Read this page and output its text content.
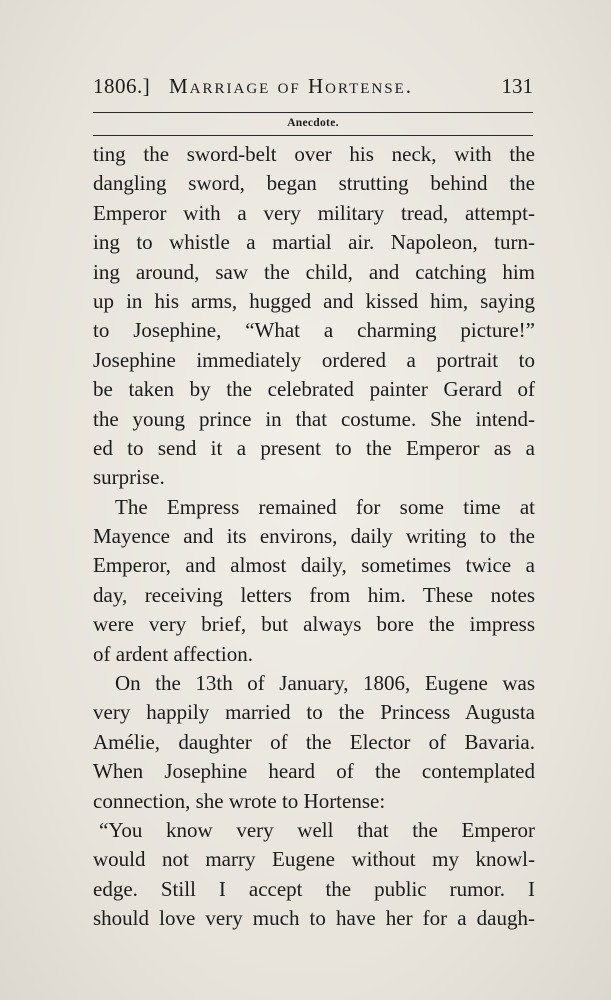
1806.] Marriage of Hortense.	131
Anecdote.
ting the sword-belt over his neck, with the
dangling sword, began strutting behind the
Emperor with a very military tread, attempt-
ing to whistle a martial air. Napoleon, turn-
ing around, saw the child, and catching him
up in his arms, hugged and kissed him, saying
to Josephine, “What a charming picture!”
Josephine immediately ordered a portrait to
be taken by the celebrated painter Gerard of
the young prince in that costume. She intend-
ed to send it a present to the Emperor as a
surprise.
The Empress remained for some time at
Mayence and its environs, daily writing to the
Emperor, and almost daily, sometimes twice a
day, receiving letters from him. These notes
were very brief, but always bore the impress
of ardent affection.
On the 13th of January, 1806, Eugene was
very happily married to the Princess Augusta
Amélie, daughter of the Elector of Bavaria.
When Josephine heard of the contemplated
connection, she wrote to Hortense:
“You know very well that the Emperor
would not marry Eugene without my knowl-
edge. Still I accept the public rumor. I
should love very much to have her for a daugh-
